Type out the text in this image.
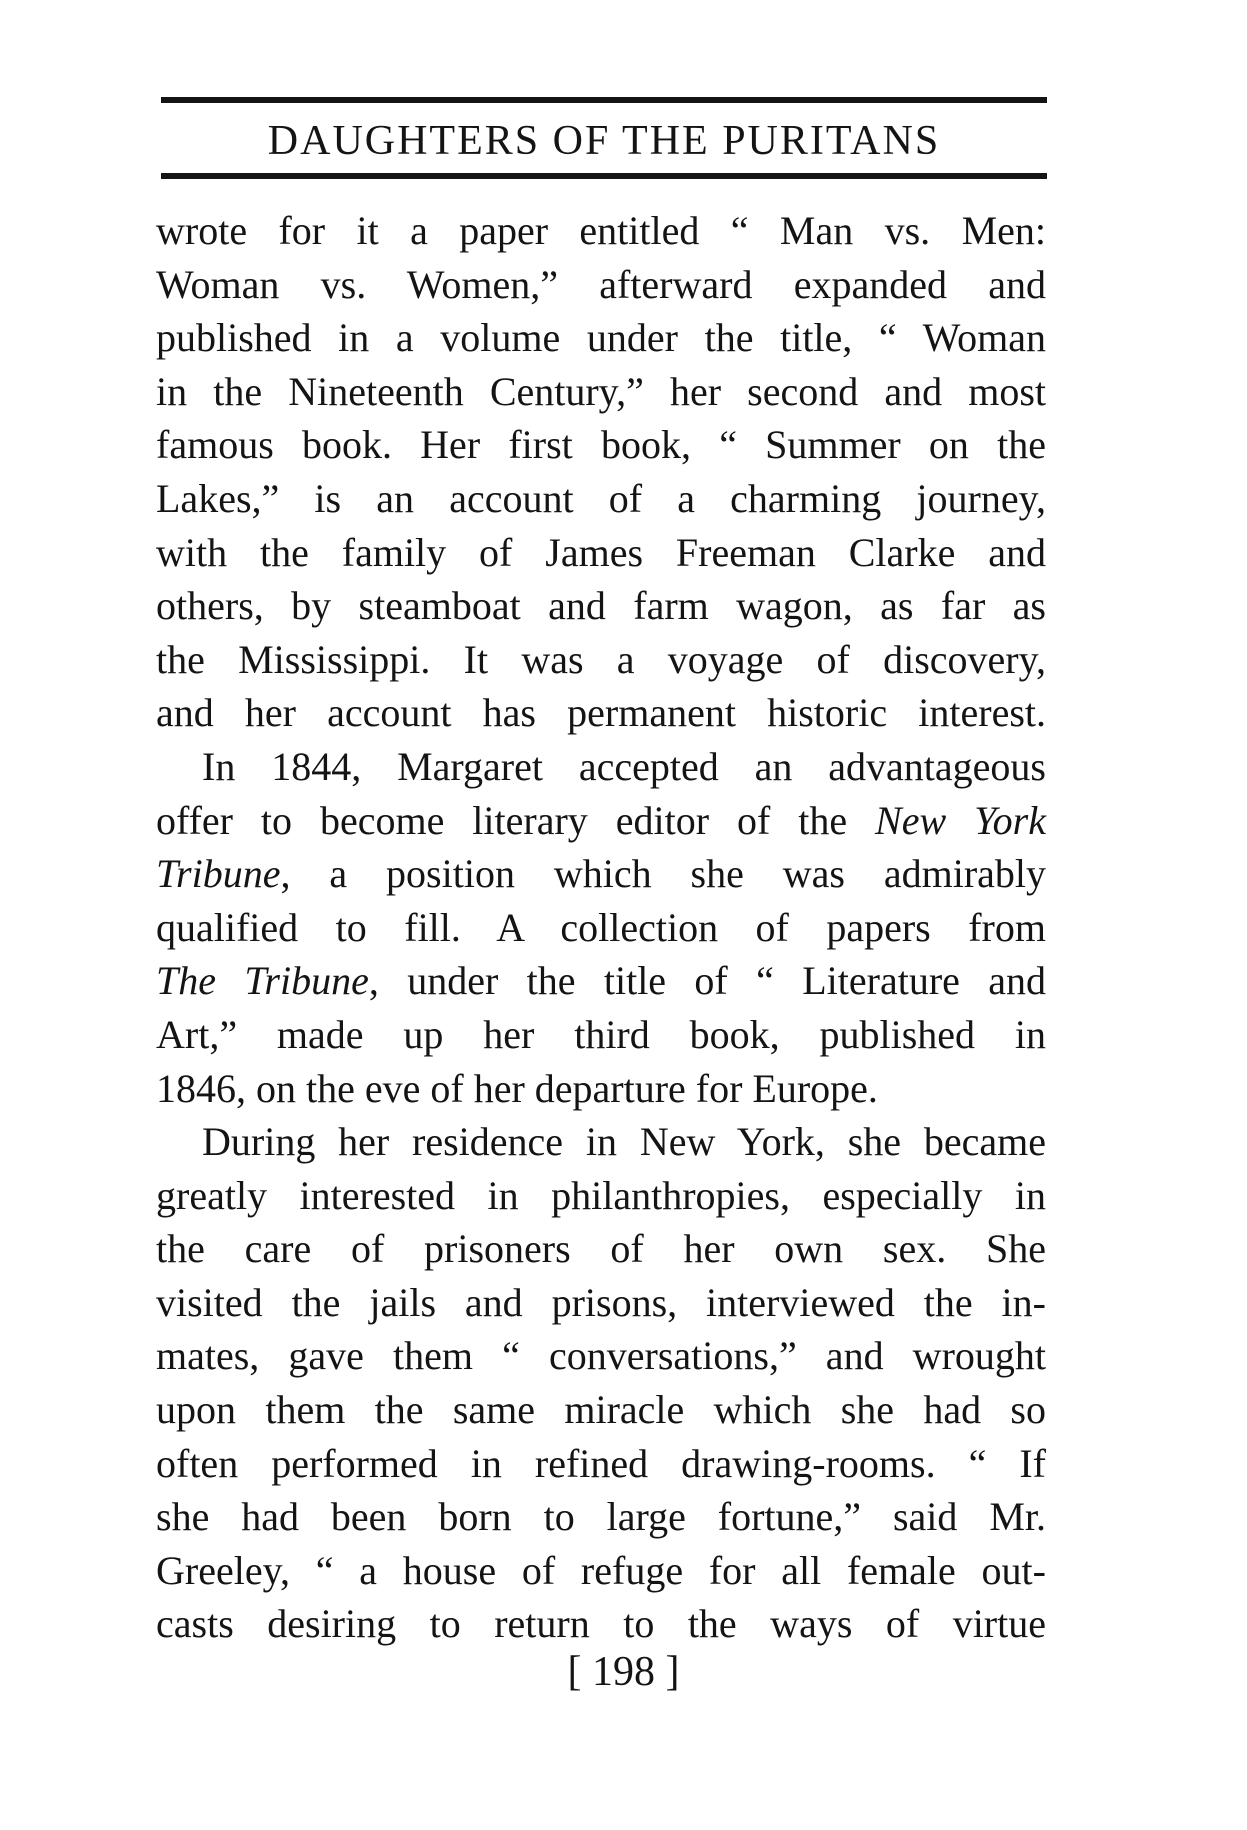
DAUGHTERS OF THE PURITANS
wrote for it a paper entitled “ Man vs. Men:
Woman vs. Women,” afterward expanded and
published in a volume under the title, “ Woman
in the Nineteenth Century,” her second and most
famous book. Her first book, “ Summer on the
Lakes,” is an account of a charming journey,
with the family of James Freeman Clarke and
others, by steamboat and farm wagon, as far as
the Mississippi. It was a voyage of discovery,
and her account has permanent historic interest.
In 1844, Margaret accepted an advantageous
offer to become literary editor of the New York
Tribune, a position which she was admirably
qualified to fill. A collection of papers from
The Tribune, under the title of “ Literature and
Art,” made up her third book, published in
1846, on the eve of her departure for Europe.
During her residence in New York, she became
greatly interested in philanthropies, especially in
the care of prisoners of her own sex. She
visited the jails and prisons, interviewed the in-
mates, gave them “ conversations,” and wrought
upon them the same miracle which she had so
often performed in refined drawing-rooms. “ If
she had been born to large fortune,” said Mr.
Greeley, “ a house of refuge for all female out-
casts desiring to return to the ways of virtue
[ 198 ]
